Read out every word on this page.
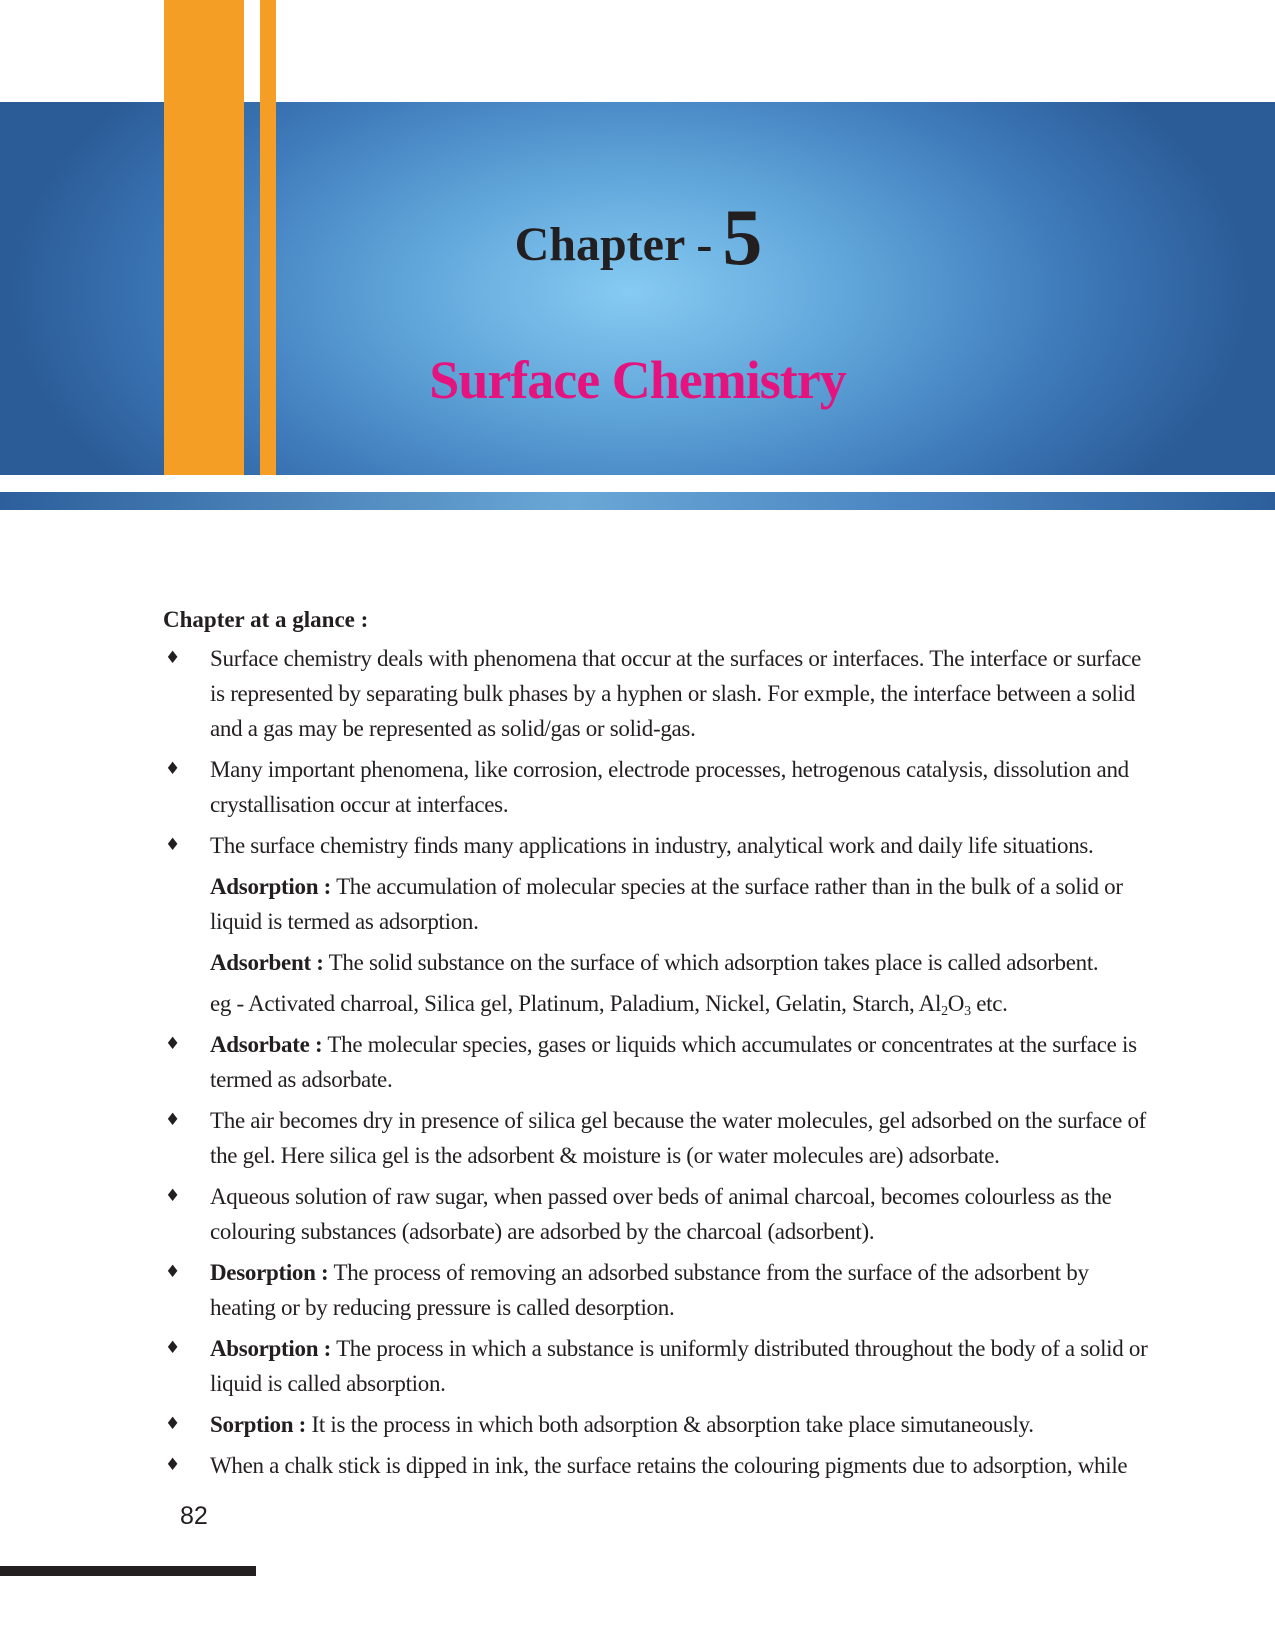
Chapter - 5
Surface Chemistry
Chapter at a glance :
♦ Surface chemistry deals with phenomena that occur at the surfaces or interfaces. The interface or surface is represented by separating bulk phases by a hyphen or slash. For exmple, the interface between a solid and a gas may be represented as solid/gas or solid-gas.
♦ Many important phenomena, like corrosion, electrode processes, hetrogenous catalysis, dissolution and crystallisation occur at interfaces.
♦ The surface chemistry finds many applications in industry, analytical work and daily life situations.
Adsorption : The accumulation of molecular species at the surface rather than in the bulk of a solid or liquid is termed as adsorption.
Adsorbent : The solid substance on the surface of which adsorption takes place is called adsorbent.
eg - Activated charroal, Silica gel, Platinum, Paladium, Nickel, Gelatin, Starch, $Al_2O_3$ etc.
♦ Adsorbate : The molecular species, gases or liquids which accumulates or concentrates at the surface is termed as adsorbate.
♦ The air becomes dry in presence of silica gel because the water molecules, gel adsorbed on the surface of the gel. Here silica gel is the adsorbent & moisture is (or water molecules are) adsorbate.
♦ Aqueous solution of raw sugar, when passed over beds of animal charcoal, becomes colourless as the colouring substances (adsorbate) are adsorbed by the charcoal (adsorbent).
♦ Desorption : The process of removing an adsorbed substance from the surface of the adsorbent by heating or by reducing pressure is called desorption.
♦ Absorption : The process in which a substance is uniformly distributed throughout the body of a solid or liquid is called absorption.
♦ Sorption : It is the process in which both adsorption & absorption take place simutaneously.
♦ When a chalk stick is dipped in ink, the surface retains the colouring pigments due to adsorption, while
82
